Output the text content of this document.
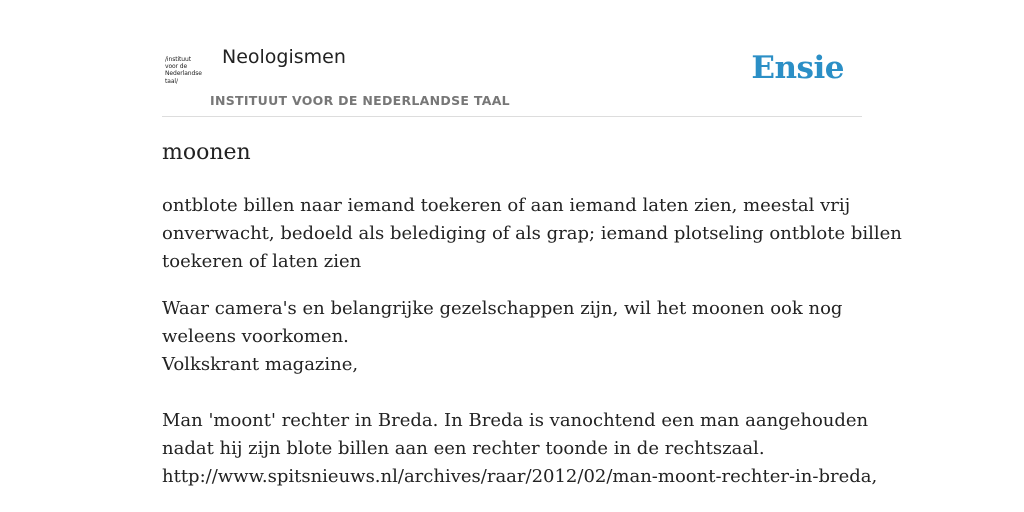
/instituut
voor de
Nederlandse
taal/
Neologismen
INSTITUUT VOOR DE NEDERLANDSE TAAL
Ensie
moonen
ontblote billen naar iemand toekeren of aan iemand laten zien, meestal vrij
onverwacht, bedoeld als belediging of als grap; iemand plotseling ontblote billen
toekeren of laten zien
Waar camera's en belangrijke gezelschappen zijn, wil het moonen ook nog
weleens voorkomen.
Volkskrant magazine,
Man 'moont' rechter in Breda. In Breda is vanochtend een man aangehouden
nadat hij zijn blote billen aan een rechter toonde in de rechtszaal.
http://www.spitsnieuws.nl/archives/raar/2012/02/man-moont-rechter-in-breda,
